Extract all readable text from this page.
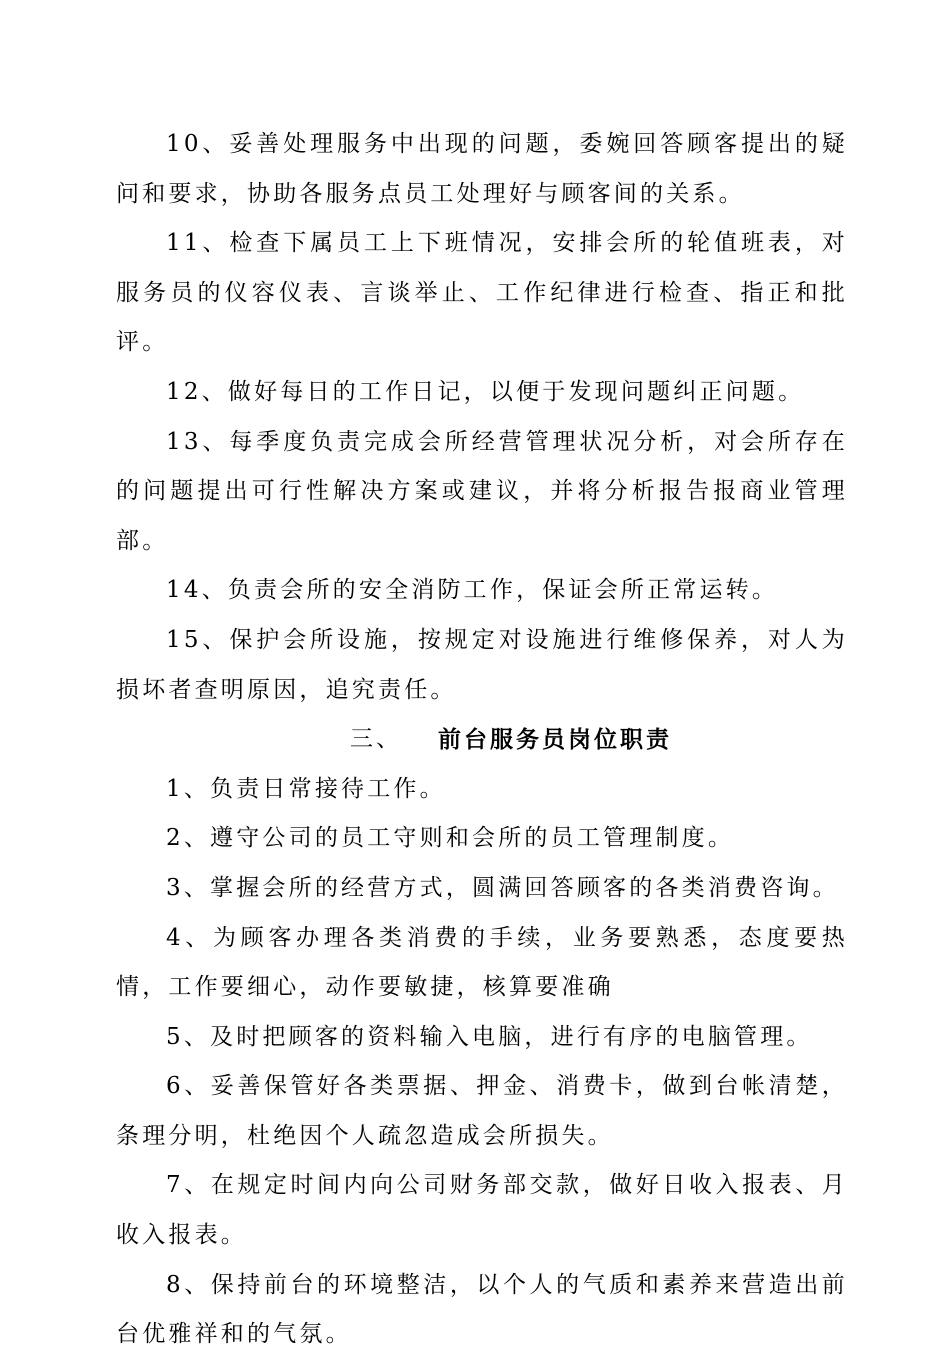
10、妥善处理服务中出现的问题，委婉回答顾客提出的疑问和要求，协助各服务点员工处理好与顾客间的关系。

11、检查下属员工上下班情况，安排会所的轮值班表，对服务员的仪容仪表、言谈举止、工作纪律进行检查、指正和批评。

12、做好每日的工作日记，以便于发现问题纠正问题。

13、每季度负责完成会所经营管理状况分析，对会所存在的问题提出可行性解决方案或建议，并将分析报告报商业管理部。

14、负责会所的安全消防工作，保证会所正常运转。

15、保护会所设施，按规定对设施进行维修保养，对人为损坏者查明原因，追究责任。

三、 前台服务员岗位职责

1、负责日常接待工作。

2、遵守公司的员工守则和会所的员工管理制度。

3、掌握会所的经营方式，圆满回答顾客的各类消费咨询。

4、为顾客办理各类消费的手续，业务要熟悉，态度要热情，工作要细心，动作要敏捷，核算要准确

5、及时把顾客的资料输入电脑，进行有序的电脑管理。

6、妥善保管好各类票据、押金、消费卡，做到台帐清楚，条理分明，杜绝因个人疏忽造成会所损失。

7、在规定时间内向公司财务部交款，做好日收入报表、月收入报表。

8、保持前台的环境整洁，以个人的气质和素养来营造出前台优雅祥和的气氛。
